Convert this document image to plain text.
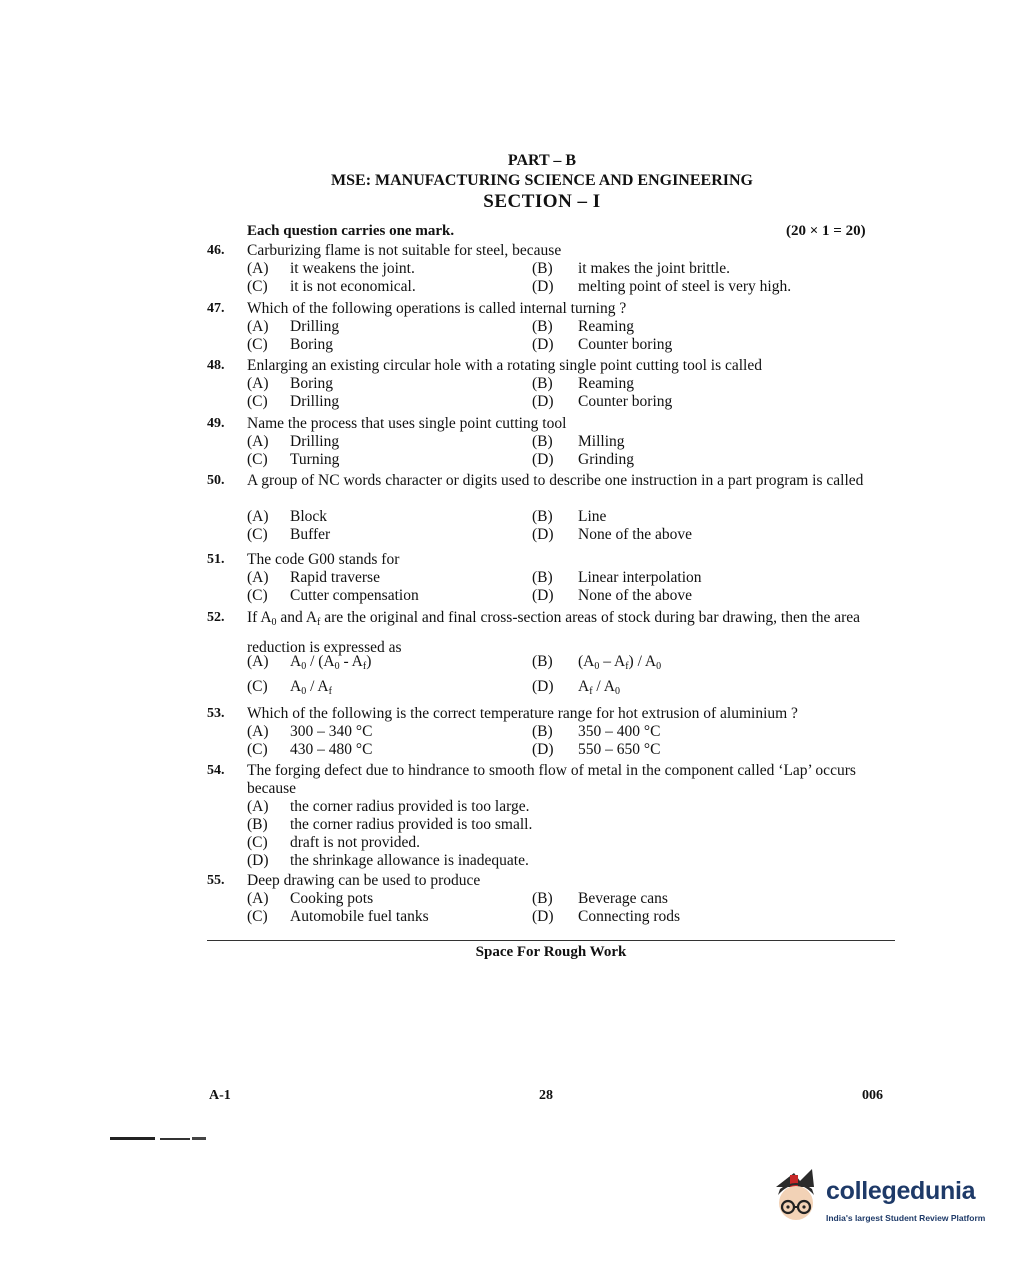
PART – B
MSE: MANUFACTURING SCIENCE AND ENGINEERING
SECTION – I
Each question carries one mark.	(20 × 1 = 20)
46. Carburizing flame is not suitable for steel, because
(A) it weakens the joint.	(B) it makes the joint brittle.
(C) it is not economical.	(D) melting point of steel is very high.
47. Which of the following operations is called internal turning ?
(A) Drilling	(B) Reaming
(C) Boring	(D) Counter boring
48. Enlarging an existing circular hole with a rotating single point cutting tool is called
(A) Boring	(B) Reaming
(C) Drilling	(D) Counter boring
49. Name the process that uses single point cutting tool
(A) Drilling	(B) Milling
(C) Turning	(D) Grinding
50. A group of NC words character or digits used to describe one instruction in a part program is called
(A) Block	(B) Line
(C) Buffer	(D) None of the above
51. The code G00 stands for
(A) Rapid traverse	(B) Linear interpolation
(C) Cutter compensation	(D) None of the above
52. If $A_0$ and $A_f$ are the original and final cross-section areas of stock during bar drawing, then the area reduction is expressed as
(A) $A_0 / (A_0 - A_f)$	(B) $(A_0 - A_f) / A_0$
(C) $A_0 / A_f$	(D) $A_f / A_0$
53. Which of the following is the correct temperature range for hot extrusion of aluminium ?
(A) 300 – 340 °C	(B) 350 – 400 °C
(C) 430 – 480 °C	(D) 550 – 650 °C
54. The forging defect due to hindrance to smooth flow of metal in the component called ‘Lap’ occurs because
(A) the corner radius provided is too large.
(B) the corner radius provided is too small.
(C) draft is not provided.
(D) the shrinkage allowance is inadequate.
55. Deep drawing can be used to produce
(A) Cooking pots	(B) Beverage cans
(C) Automobile fuel tanks	(D) Connecting rods
Space For Rough Work
A-1	28	006
collegedunia
India's largest Student Review Platform
